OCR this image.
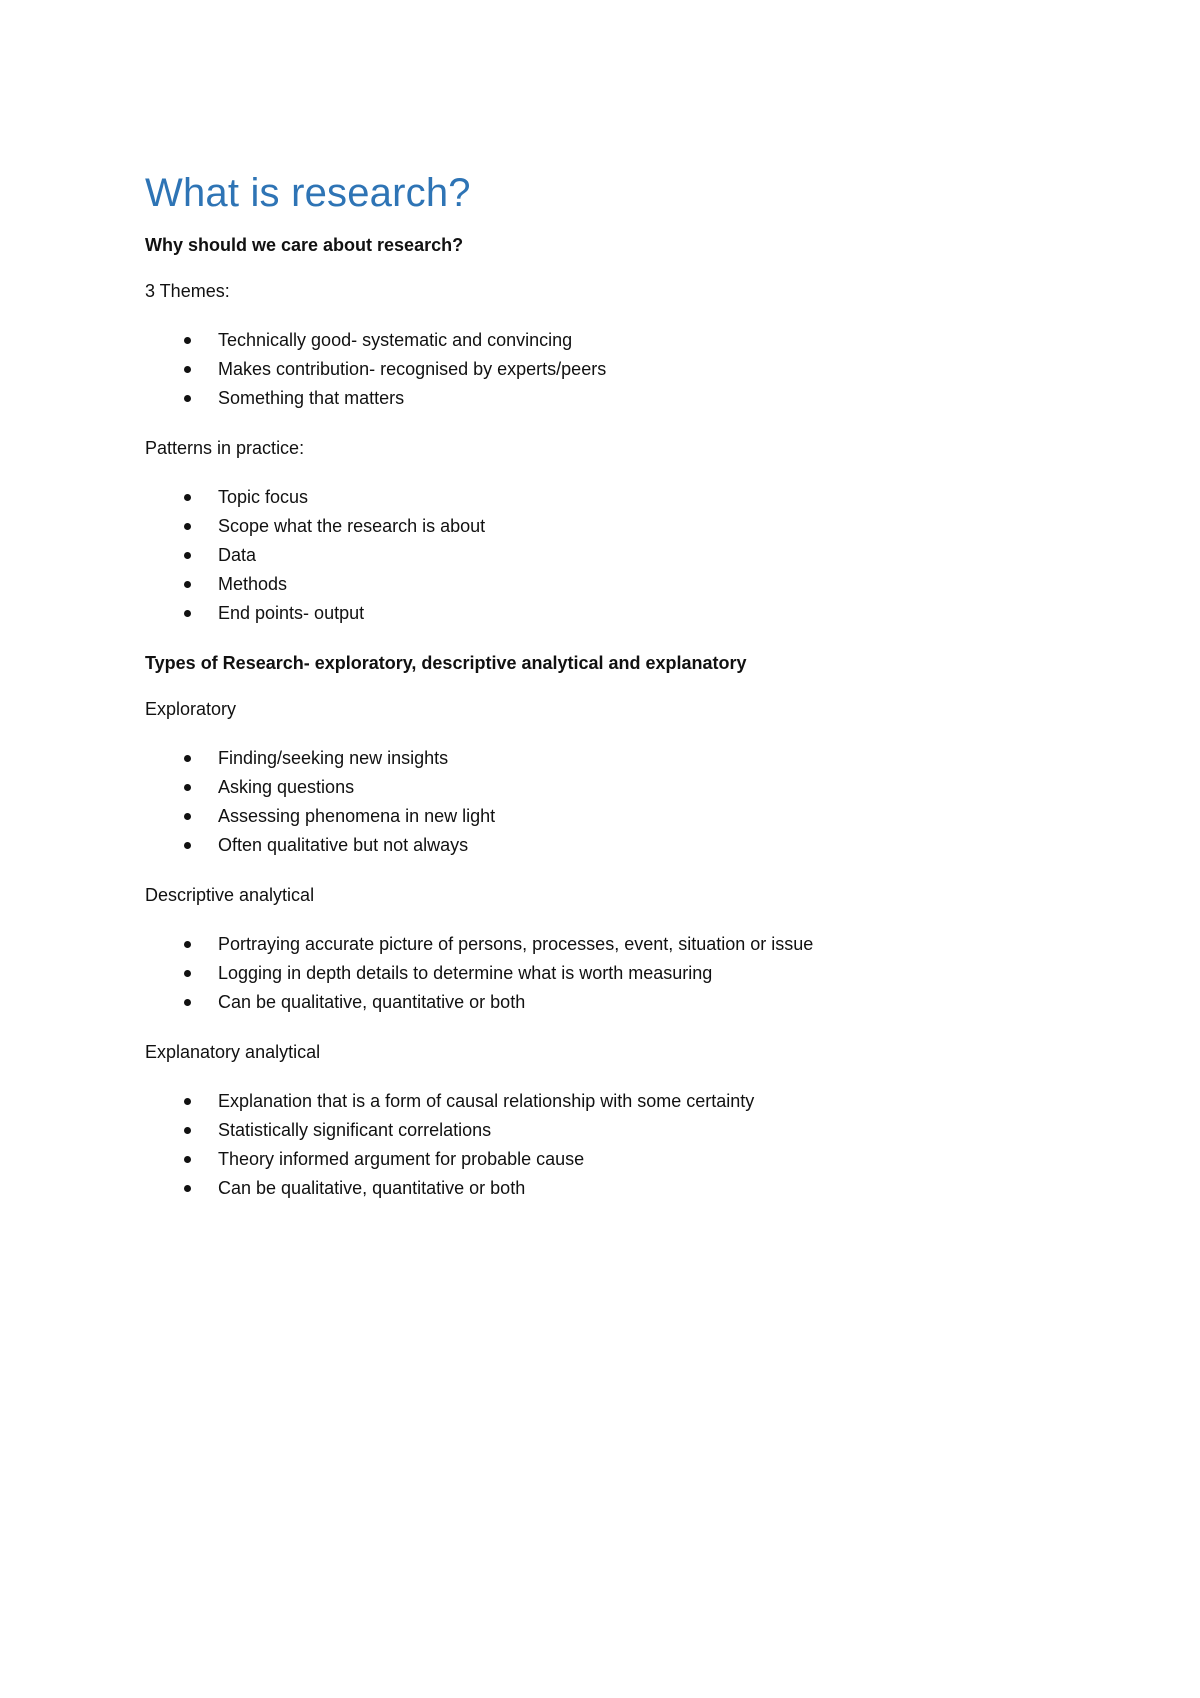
What is research?

Why should we care about research?

3 Themes:

Technically good- systematic and convincing
Makes contribution- recognised by experts/peers
Something that matters

Patterns in practice:

Topic focus
Scope what the research is about
Data
Methods
End points- output

Types of Research- exploratory, descriptive analytical and explanatory

Exploratory

Finding/seeking new insights
Asking questions
Assessing phenomena in new light
Often qualitative but not always

Descriptive analytical

Portraying accurate picture of persons, processes, event, situation or issue
Logging in depth details to determine what is worth measuring
Can be qualitative, quantitative or both

Explanatory analytical

Explanation that is a form of causal relationship with some certainty
Statistically significant correlations
Theory informed argument for probable cause
Can be qualitative, quantitative or both
